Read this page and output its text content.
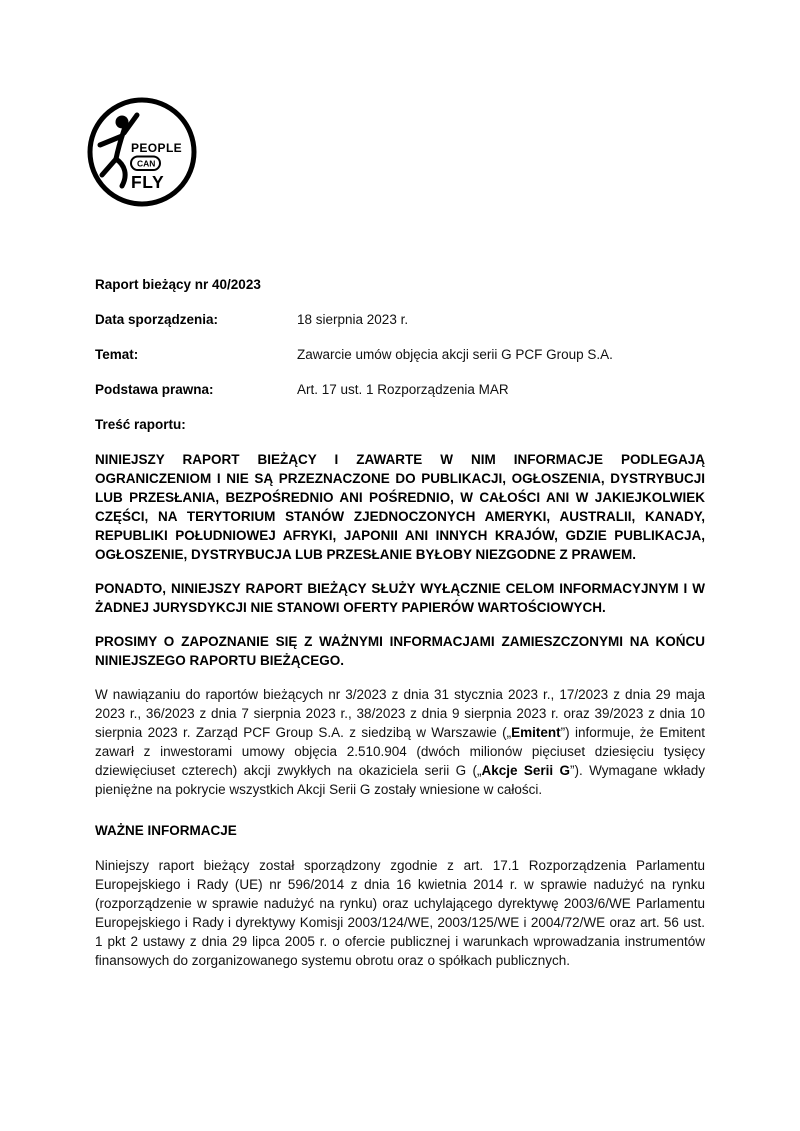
PEOPLE
CAN
FLY

Raport bieżący nr 40/2023

Data sporządzenia:	18 sierpnia 2023 r.
Temat:	Zawarcie umów objęcia akcji serii G PCF Group S.A.
Podstawa prawna:	Art. 17 ust. 1 Rozporządzenia MAR

Treść raportu:

NINIEJSZY RAPORT BIEŻĄCY I ZAWARTE W NIM INFORMACJE PODLEGAJĄ OGRANICZENIOM I NIE SĄ PRZEZNACZONE DO PUBLIKACJI, OGŁOSZENIA, DYSTRYBUCJI LUB PRZESŁANIA, BEZPOŚREDNIO ANI POŚREDNIO, W CAŁOŚCI ANI W JAKIEJKOLWIEK CZĘŚCI, NA TERYTORIUM STANÓW ZJEDNOCZONYCH AMERYKI, AUSTRALII, KANADY, REPUBLIKI POŁUDNIOWEJ AFRYKI, JAPONII ANI INNYCH KRAJÓW, GDZIE PUBLIKACJA, OGŁOSZENIE, DYSTRYBUCJA LUB PRZESŁANIE BYŁOBY NIEZGODNE Z PRAWEM.

PONADTO, NINIEJSZY RAPORT BIEŻĄCY SŁUŻY WYŁĄCZNIE CELOM INFORMACYJNYM I W ŻADNEJ JURYSDYKCJI NIE STANOWI OFERTY PAPIERÓW WARTOŚCIOWYCH.

PROSIMY O ZAPOZNANIE SIĘ Z WAŻNYMI INFORMACJAMI ZAMIESZCZONYMI NA KOŃCU NINIEJSZEGO RAPORTU BIEŻĄCEGO.

W nawiązaniu do raportów bieżących nr 3/2023 z dnia 31 stycznia 2023 r., 17/2023 z dnia 29 maja 2023 r., 36/2023 z dnia 7 sierpnia 2023 r., 38/2023 z dnia 9 sierpnia 2023 r. oraz 39/2023 z dnia 10 sierpnia 2023 r. Zarząd PCF Group S.A. z siedzibą w Warszawie („Emitent”) informuje, że Emitent zawarł z inwestorami umowy objęcia 2.510.904 (dwóch milionów pięciuset dziesięciu tysięcy dziewięciuset czterech) akcji zwykłych na okaziciela serii G („Akcje Serii G”). Wymagane wkłady pieniężne na pokrycie wszystkich Akcji Serii G zostały wniesione w całości.

WAŻNE INFORMACJE

Niniejszy raport bieżący został sporządzony zgodnie z art. 17.1 Rozporządzenia Parlamentu Europejskiego i Rady (UE) nr 596/2014 z dnia 16 kwietnia 2014 r. w sprawie nadużyć na rynku (rozporządzenie w sprawie nadużyć na rynku) oraz uchylającego dyrektywę 2003/6/WE Parlamentu Europejskiego i Rady i dyrektywy Komisji 2003/124/WE, 2003/125/WE i 2004/72/WE oraz art. 56 ust. 1 pkt 2 ustawy z dnia 29 lipca 2005 r. o ofercie publicznej i warunkach wprowadzania instrumentów finansowych do zorganizowanego systemu obrotu oraz o spółkach publicznych.
